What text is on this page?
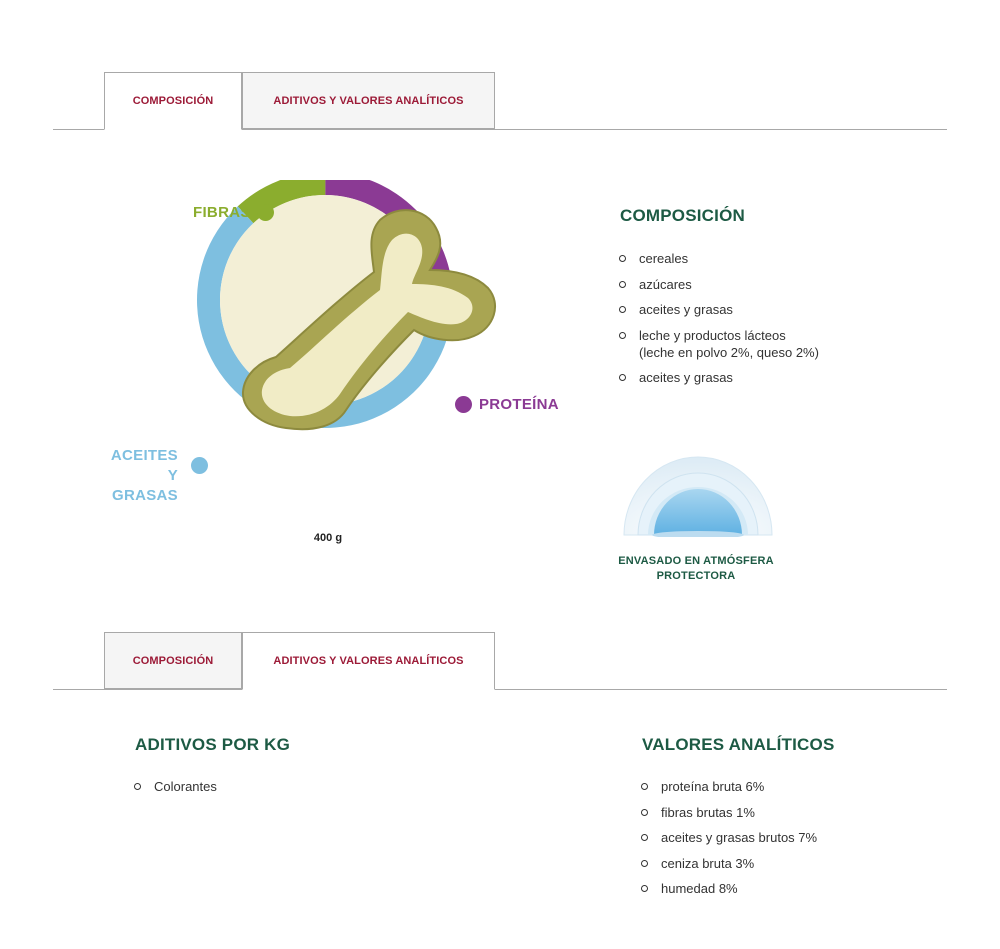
COMPOSICIÓN	ADITIVOS Y VALORES ANALÍTICOS
FIBRAS
PROTEÍNA
ACEITES
Y GRASAS
400 g
COMPOSICIÓN
cereales
azúcares
aceites y grasas
leche y productos lácteos
(leche en polvo 2%, queso 2%)
aceites y grasas
ENVASADO EN ATMÓSFERA
PROTECTORA
COMPOSICIÓN	ADITIVOS Y VALORES ANALÍTICOS
ADITIVOS POR KG
Colorantes
VALORES ANALÍTICOS
proteína bruta 6%
fibras brutas 1%
aceites y grasas brutos 7%
ceniza bruta 3%
humedad 8%
